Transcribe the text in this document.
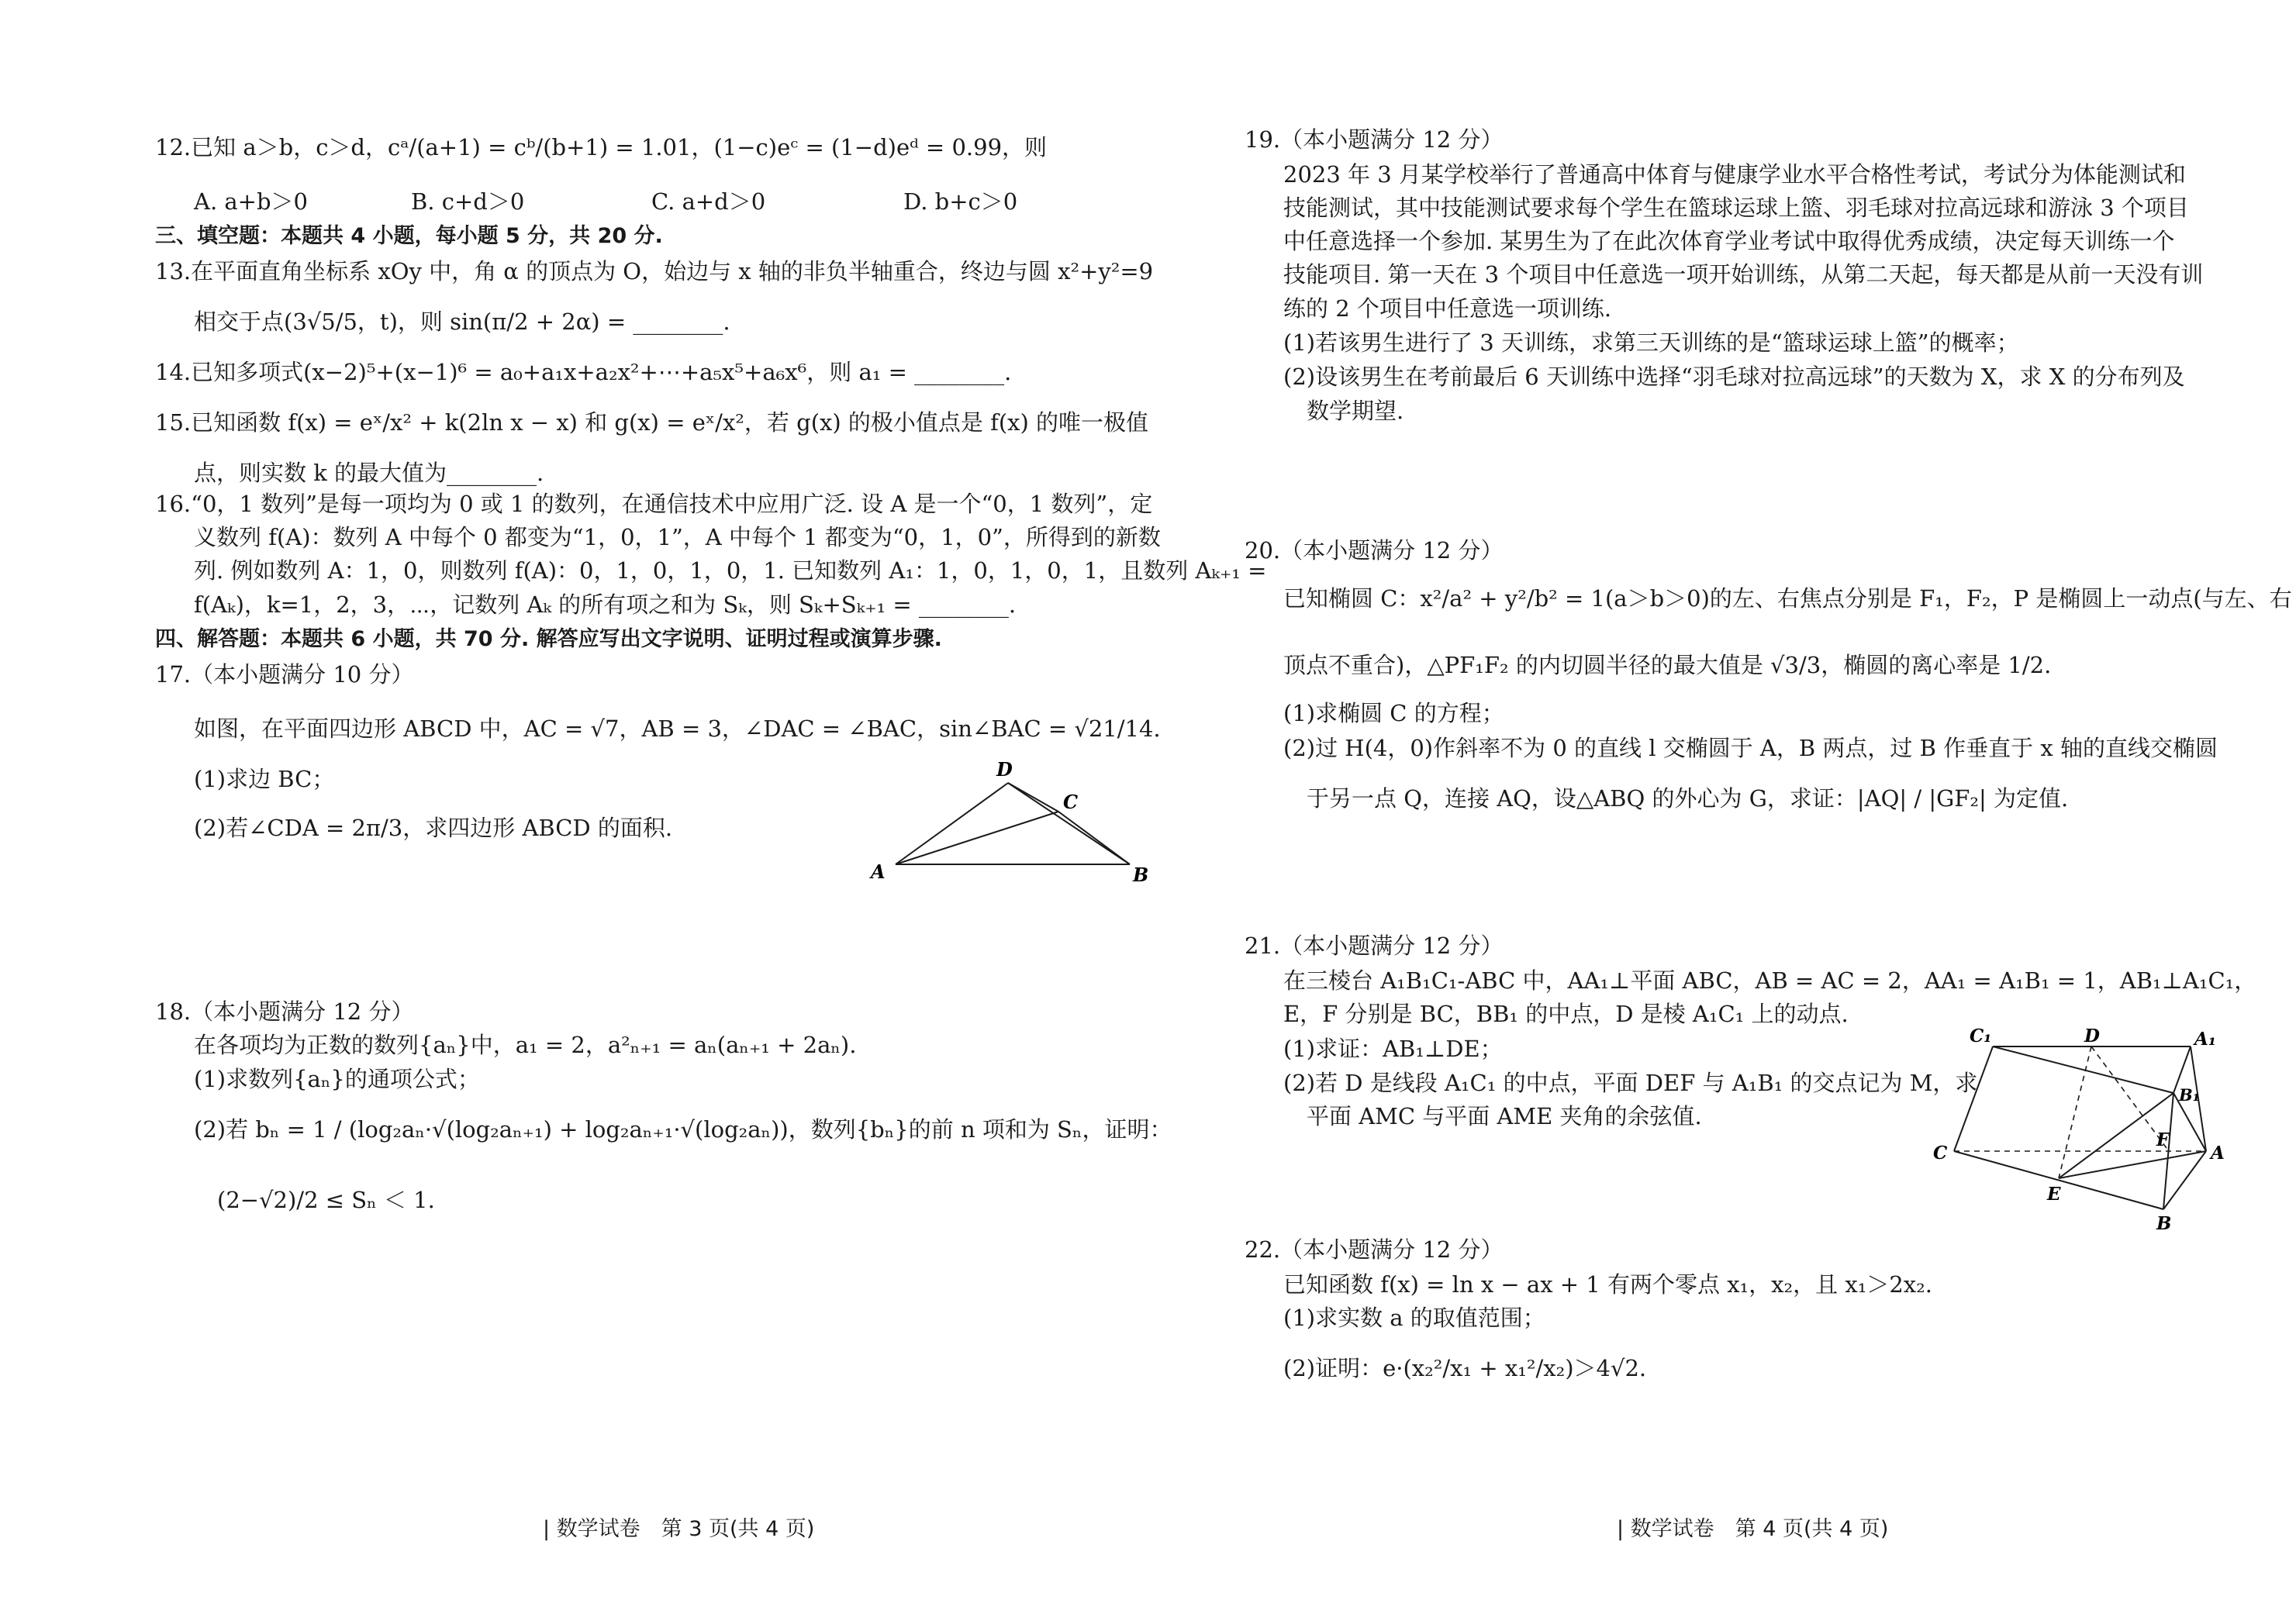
12.已知 a＞b，c＞d，cᵃ/(a+1) = cᵇ/(b+1) = 1.01，(1−c)eᶜ = (1−d)eᵈ = 0.99，则
A. a+b＞0	B. c+d＞0	C. a+d＞0	D. b+c＞0
三、填空题：本题共 4 小题，每小题 5 分，共 20 分.
13.在平面直角坐标系 xOy 中，角 α 的顶点为 O，始边与 x 轴的非负半轴重合，终边与圆 x²+y²=9
相交于点(3√5/5，t)，则 sin(π/2 + 2α) = ________.
14.已知多项式(x−2)⁵+(x−1)⁶ = a₀+a₁x+a₂x²+⋯+a₅x⁵+a₆x⁶，则 a₁ = ________.
15.已知函数 f(x) = eˣ/x² + k(2ln x − x) 和 g(x) = eˣ/x²，若 g(x) 的极小值点是 f(x) 的唯一极值
点，则实数 k 的最大值为________.
16.“0，1 数列”是每一项均为 0 或 1 的数列，在通信技术中应用广泛. 设 A 是一个“0，1 数列”，定
义数列 f(A)：数列 A 中每个 0 都变为“1，0，1”，A 中每个 1 都变为“0，1，0”，所得到的新数
列. 例如数列 A：1，0，则数列 f(A)：0，1，0，1，0，1. 已知数列 A₁：1，0，1，0，1，且数列 Aₖ₊₁ =
f(Aₖ)，k=1，2，3，⋯，记数列 Aₖ 的所有项之和为 Sₖ，则 Sₖ+Sₖ₊₁ = ________.
四、解答题：本题共 6 小题，共 70 分. 解答应写出文字说明、证明过程或演算步骤.
17.（本小题满分 10 分）
如图，在平面四边形 ABCD 中，AC = √7，AB = 3，∠DAC = ∠BAC，sin∠BAC = √21/14.
(1)求边 BC；
(2)若∠CDA = 2π/3，求四边形 ABCD 的面积.
A	B
C
D
18.（本小题满分 12 分）
在各项均为正数的数列{aₙ}中，a₁ = 2，a²ₙ₊₁ = aₙ(aₙ₊₁ + 2aₙ).
(1)求数列{aₙ}的通项公式；
(2)若 bₙ = 1 / (log₂aₙ·√(log₂aₙ₊₁) + log₂aₙ₊₁·√(log₂aₙ))，数列{bₙ}的前 n 项和为 Sₙ，证明：
(2−√2)/2 ≤ Sₙ ＜ 1.
| 数学试卷　第 3 页(共 4 页)
19.（本小题满分 12 分）
2023 年 3 月某学校举行了普通高中体育与健康学业水平合格性考试，考试分为体能测试和
技能测试，其中技能测试要求每个学生在篮球运球上篮、羽毛球对拉高远球和游泳 3 个项目
中任意选择一个参加. 某男生为了在此次体育学业考试中取得优秀成绩，决定每天训练一个
技能项目. 第一天在 3 个项目中任意选一项开始训练，从第二天起，每天都是从前一天没有训
练的 2 个项目中任意选一项训练.
(1)若该男生进行了 3 天训练，求第三天训练的是“篮球运球上篮”的概率；
(2)设该男生在考前最后 6 天训练中选择“羽毛球对拉高远球”的天数为 X，求 X 的分布列及
数学期望.
20.（本小题满分 12 分）
已知椭圆 C：x²/a² + y²/b² = 1(a＞b＞0)的左、右焦点分别是 F₁，F₂，P 是椭圆上一动点(与左、右
顶点不重合)，△PF₁F₂ 的内切圆半径的最大值是 √3/3，椭圆的离心率是 1/2.
(1)求椭圆 C 的方程；
(2)过 H(4，0)作斜率不为 0 的直线 l 交椭圆于 A，B 两点，过 B 作垂直于 x 轴的直线交椭圆
于另一点 Q，连接 AQ，设△ABQ 的外心为 G，求证：|AQ| / |GF₂| 为定值.
21.（本小题满分 12 分）
在三棱台 A₁B₁C₁-ABC 中，AA₁⊥平面 ABC，AB = AC = 2，AA₁ = A₁B₁ = 1，AB₁⊥A₁C₁，
E，F 分别是 BC，BB₁ 的中点，D 是棱 A₁C₁ 上的动点.
(1)求证：AB₁⊥DE；
(2)若 D 是线段 A₁C₁ 的中点，平面 DEF 与 A₁B₁ 的交点记为 M，求
平面 AMC 与平面 AME 夹角的余弦值.
C₁	D	A₁
B₁
F
C	A
E
B
22.（本小题满分 12 分）
已知函数 f(x) = ln x − ax + 1 有两个零点 x₁，x₂，且 x₁＞2x₂.
(1)求实数 a 的取值范围；
(2)证明：e·(x₂²/x₁ + x₁²/x₂)＞4√2.
| 数学试卷　第 4 页(共 4 页)
